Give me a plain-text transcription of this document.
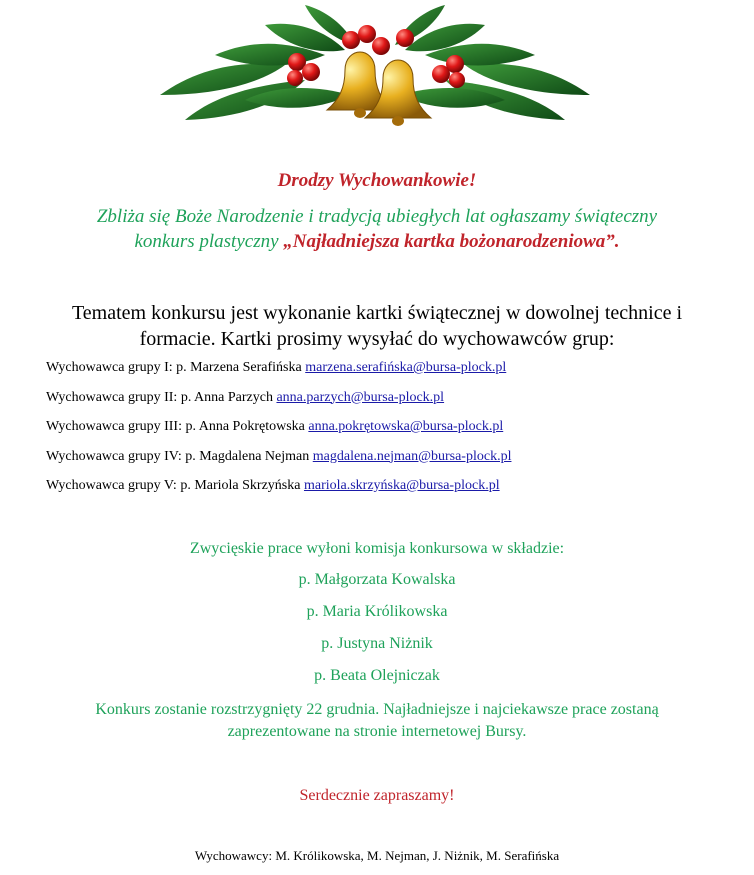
Drodzy Wychowankowie!

Zbliża się Boże Narodzenie i tradycją ubiegłych lat ogłaszamy świąteczny
konkurs plastyczny „Najładniejsza kartka bożonarodzeniowa”.

Tematem konkursu jest wykonanie kartki świątecznej w dowolnej technice i
formacie. Kartki prosimy wysyłać do wychowawców grup:

Wychowawca grupy I: p. Marzena Serafińska marzena.serafińska@bursa-plock.pl
Wychowawca grupy II: p. Anna Parzych anna.parzych@bursa-plock.pl
Wychowawca grupy III: p. Anna Pokrętowska anna.pokrętowska@bursa-plock.pl
Wychowawca grupy IV: p. Magdalena Nejman magdalena.nejman@bursa-plock.pl
Wychowawca grupy V: p. Mariola Skrzyńska mariola.skrzyńska@bursa-plock.pl

Zwycięskie prace wyłoni komisja konkursowa w składzie:

p. Małgorzata Kowalska

p. Maria Królikowska

p. Justyna Niżnik

p. Beata Olejniczak

Konkurs zostanie rozstrzygnięty 22 grudnia. Najładniejsze i najciekawsze prace zostaną
zaprezentowane na stronie internetowej Bursy.

Serdecznie zapraszamy!

Wychowawcy: M. Królikowska, M. Nejman, J. Niżnik, M. Serafińska
